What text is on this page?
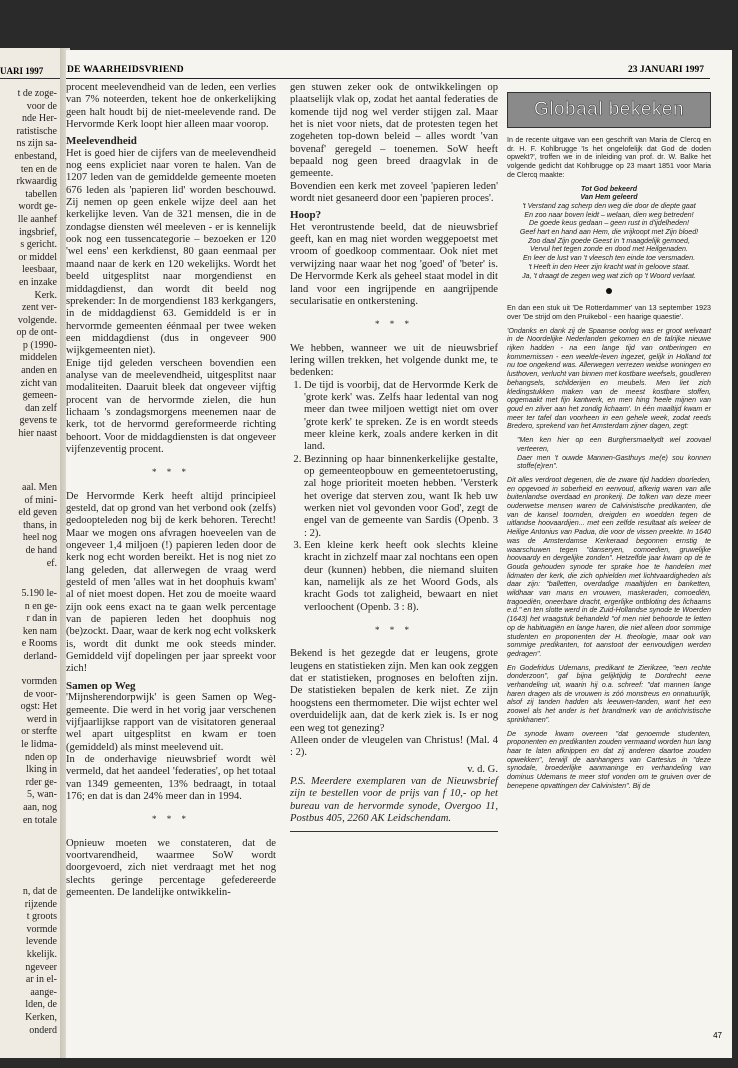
UARI 1997
t de zoge-
voor de
nde Her-
ratistische
ns zijn sa-
enbestand,
ten en de
rkwaardig
tabellen
wordt ge-
lle aanhef
ingsbrief,
s gericht.
or middel
leesbaar,
en inzake
Kerk.
zent ver-
volgende.
op de ont-
p (1990-
middelen
anden en
zicht van
gemeen-
dan zelf
gevens te
hier naast
aal. Men
of mini-
eld geven
thans, in
heel nog
de hand
ef.
5.190 le-
n en ge-
r dan in
ken nam
e Rooms
derland-
vormden
de voor-
ogst: Het
werd in
or sterfte
le lidma-
nden op
lking in
rder ge-
5, wan-
aan, nog
en totale
n, dat de
rijzende
t groots
vormde
levende
kkelijk.
ngeveer
ar in el-
aange-
lden, de
Kerken,
onderd
DE WAARHEIDSVRIEND	23 JANUARI 1997

procent meelevendheid van de leden, een verlies van 7% noteerden, tekent hoe de onkerkelijking geen halt houdt bij de niet-meelevende rand. De Hervormde Kerk loopt hier alleen maar voorop.

Meelevendheid

Het is goed hier de cijfers van de meelevendheid nog eens expliciet naar voren te halen. Van de 1207 leden van de gemiddelde gemeente moeten 676 leden als 'papieren lid' worden beschouwd. Zij nemen op geen enkele wijze deel aan het kerkelijke leven. Van de 321 mensen, die in de zondagse diensten wél meeleven - er is kennelijk ook nog een tussencategorie – bezoeken er 120 'wel eens' een kerkdienst, 80 gaan eenmaal per maand naar de kerk en 120 wekelijks. Wordt het beeld uitgesplitst naar morgendienst en middagdienst, dan wordt dit beeld nog sprekender: In de morgendienst 183 kerkgangers, in de middagdienst 63. Gemiddeld is er in hervormde gemeenten éénmaal per twee weken een middagdienst (dus in ongeveer 900 wijkgemeenten niet).

Enige tijd geleden verscheen bovendien een analyse van de meelevendheid, uitgesplitst naar modaliteiten. Daaruit bleek dat ongeveer vijftig procent van de hervormde zielen, die hun lichaam 's zondagsmorgens meenemen naar de kerk, tot de hervormd gereformeerde richting behoort. Voor de middagdiensten is dat ongeveer vijfenzeventig procent.

* * *

De Hervormde Kerk heeft altijd principieel gesteld, dat op grond van het verbond ook (zelfs) gedoopteleden nog bij de kerk behoren. Terecht! Maar we mogen ons afvragen hoeveelen van de ongeveer 1,4 miljoen (!) papieren leden door de kerk nog echt worden bereikt. Het is nog niet zo lang geleden, dat allerwegen de vraag werd gesteld of men 'alles wat in het doophuis kwam' al of niet moest dopen. Het zou de moeite waard zijn ook eens exact na te gaan welk percentage van de papieren leden het doophuis nog (be)zockt. Daar, waar de kerk nog echt volkskerk is, wordt dit dunkt me ook steeds minder. Gemiddeld vijf dopelingen per jaar spreekt voor zich!

Samen op Weg

'Mijnsherendorpwijk' is geen Samen op Weg-gemeente. Die werd in het vorig jaar verschenen vijfjaarlijkse rapport van de visitatoren generaal wel apart uitgesplitst en kwam er toen (gemiddeld) als minst meelevend uit.

In de onderhavige nieuwsbrief wordt wèl vermeld, dat het aandeel 'federaties', op het totaal van 1349 gemeenten, 13% bedraagt, in totaal 176; en dat is dan 24% meer dan in 1994.

* * *

Opnieuw moeten we constateren, dat de voortvarendheid, waarmee SoW wordt doorgevoerd, zich niet verdraagt met het nog slechts geringe percentage gefedereerde gemeenten. De landelijke ontwikkelin-

gen stuwen zeker ook de ontwikkelingen op plaatselijk vlak op, zodat het aantal federaties de komende tijd nog wel verder stijgen zal. Maar het is niet voor niets, dat de protesten tegen het zogeheten top-down beleid – alles wordt 'van bovenaf' geregeld – toenemen. SoW heeft bepaald nog geen breed draagvlak in de gemeente.

Bovendien een kerk met zoveel 'papieren leden' wordt niet gesaneerd door een 'papieren proces'.

Hoop?

Het verontrustende beeld, dat de nieuwsbrief geeft, kan en mag niet worden weggepoetst met vroom of goedkoop commentaar. Ook niet met verwijzing naar waar het nog 'goed' of 'beter' is. De Hervormde Kerk als geheel staat model in dit land voor een ingrijpende en aangrijpende secularisatie en ontkerstening.

* * *

We hebben, wanneer we uit de nieuwsbrief lering willen trekken, het volgende dunkt me, te bedenken:

1. De tijd is voorbij, dat de Hervormde Kerk de 'grote kerk' was. Zelfs haar ledental van nog meer dan twee miljoen wettigt niet om over 'grote kerk' te spreken. Ze is en wordt steeds meer kleine kerk, zoals andere kerken in dit land.
2. Bezinning op haar binnenkerkelijke gestalte, op gemeenteopbouw en gemeentetoerusting, zal hoge prioriteit moeten hebben. 'Versterk het overige dat sterven zou, want Ik heb uw werken niet vol gevonden voor God', zegt de engel van de gemeente van Sardis (Openb. 3 : 2).
3. Een kleine kerk heeft ook slechts kleine kracht in zichzelf maar zal nochtans een open deur (kunnen) hebben, die niemand sluiten kan, namelijk als ze het Woord Gods, als kracht Gods tot zaligheid, bewaart en niet verloochent (Openb. 3 : 8).
* * *

Bekend is het gezegde dat er leugens, grote leugens en statistieken zijn. Men kan ook zeggen dat er statistieken, prognoses en beloften zijn. De statistieken bepalen de kerk niet. Ze zijn hoogstens een thermometer. Die wijst echter wel overduidelijk aan, dat de kerk ziek is. Is er nog een weg tot genezing?

Alleen onder de vleugelen van Christus! (Mal. 4 : 2).

v. d. G.

P.S. Meerdere exemplaren van de Nieuwsbrief zijn te bestellen voor de prijs van f 10,- op het bureau van de hervormde synode, Overgoo 11, Postbus 405, 2260 AK Leidschendam.

Globaal bekeken

In de recente uitgave van een geschrift van Maria de Clercq en dr. H. F. Kohlbrugge 'Is het ongelofelijk dat God de doden opwekt?', troffen we in de inleiding van prof. dr. W. Balke het volgende gedicht dat Kohlbrugge op 23 maart 1851 voor Maria de Clercq maakte:

Tot God bekeerd
Van Hem geleerd
't Verstand zag scherp den weg die door de diepte gaat
En zoo naar boven leidt – welaan, dien weg betreden!
De goede keus gedaan – geen rust in d'ijdelheden!
Geef hart en hand aan Hem, die vrijkoopt met Zijn bloed!
Zoo daal Zijn goede Geest in 't maagdelijk gemoed,
Vervul het tegen zonde en dood met Heilgenaden.
En leer de lust van 't vleesch ten einde toe versmaden.
't Heeft in den Heer zijn kracht wat in geloove staat.
Ja, 't draagt de zegen weg wat zich op 't Woord verlaat.

En dan een stuk uit 'De Rotterdammer' van 13 september 1923 over 'De strijd om den Pruikebol - een haarige quaestie'.

'Ondanks en dank zij de Spaanse oorlog was er groot welvaart in de Noordelijke Nederlanden gekomen en de talrijke nieuwe rijken hadden - na een lange tijd van ontberingen en kommernissen - een weelde-leven ingezet, gelijk in Holland tot nu toe ongekend was. Allerwegen verrezen weidse woningen en lusthoven, verlucht van binnen met kostbare weefsels, goudleren behangsels, schilderijen en meubels. Men liet zich kledingstukken maken van de meest kostbare stoffen, opgemaakt met fijn kantwerk, en men hing 'heele mijnen van goud en zilver aan het zondig lichaam'. In één maaltijd kwam er meer ter tafel dan voorheen in een gehele week, zodat reeds Bredero, sprekend van het Amsterdam zijner dagen, zegt:

"Men ken hier op een Burghersmaeltydt wel zoovael verteeren,

Daer men 't ouwde Mannen-Gasthuys me(e) sou konnen stoffe(e)ren".

Dit alles verdroot degenen, die de zware tijd hadden doorleden, en opgevoed in soberheid en eenvoud, afkerig waren van alle buitenlandse overdaad en pronkerij. De tolken van deze meer ouderwetse mensen waren de Calvinistische predikanten, die van de kansel toornden, dreigden en woedden tegen de uitlandse hoovaardijen... met een zelfde resultaat als weleer de Heilige Antonius van Padua, die voor de vissen preekte. In 1640 was de Amsterdamse Kerkeraad begonnen ernstig te waarschuwen tegen "danseryen, comoedien, gruwelijke hoovaardy en dergelijke zonden". Hetzelfde jaar kwam op de te Gouda gehouden synode ter sprake hoe te handelen met lidmaten der kerk, die zich ophielden met lichtvaardigheden als daar zijn: "balletten, overdadige maaltijden en banketten, wildhaar van mans en vrouwen, maskeraden, comoediën, tragoediën, oneerbare dracht, ergerlijke ontbloting des lichaams e.d." en ten slotte werd in de Zuid-Hollandse synode te Woerden (1643) het vraagstuk behandeld "of men niet behoorde te letten op de habituagiën en lange haren, die niet alleen door sommige studenten en proponenten der H. theologie, maar ook van sommige predikanten, tot aanstoot der eenvoudigen werden gedragen".

En Godefridus Udemans, predikant te Zierikzee, "een rechte donderzoon", gaf bijna gelijktijdig te Dordrecht eene verhandeling uit, waarin hij o.a. schreef: "dat mannen lange haren dragen als de vrouwen is zóó monstreus en onnatuurlijk, alsof zij tanden hadden als leeuwen-tanden, want het een zoowel als het ander is het brandmerk van de antichristische sprinkhanen".

De synode kwam overeen "dat genoemde studenten, proponenten en predikanten zouden vermaand worden hun lang haar te laten afknippen en dat zij anderen daartoe zouden opwekken", terwijl de aanhangers van Cartesius in "deze synodale, broederlijke aanmaninge en verhandeling van dominus Udemans te meer stof vonden om te gruiven over de benepene opvattingen der Calvinisten". Bij de

47
